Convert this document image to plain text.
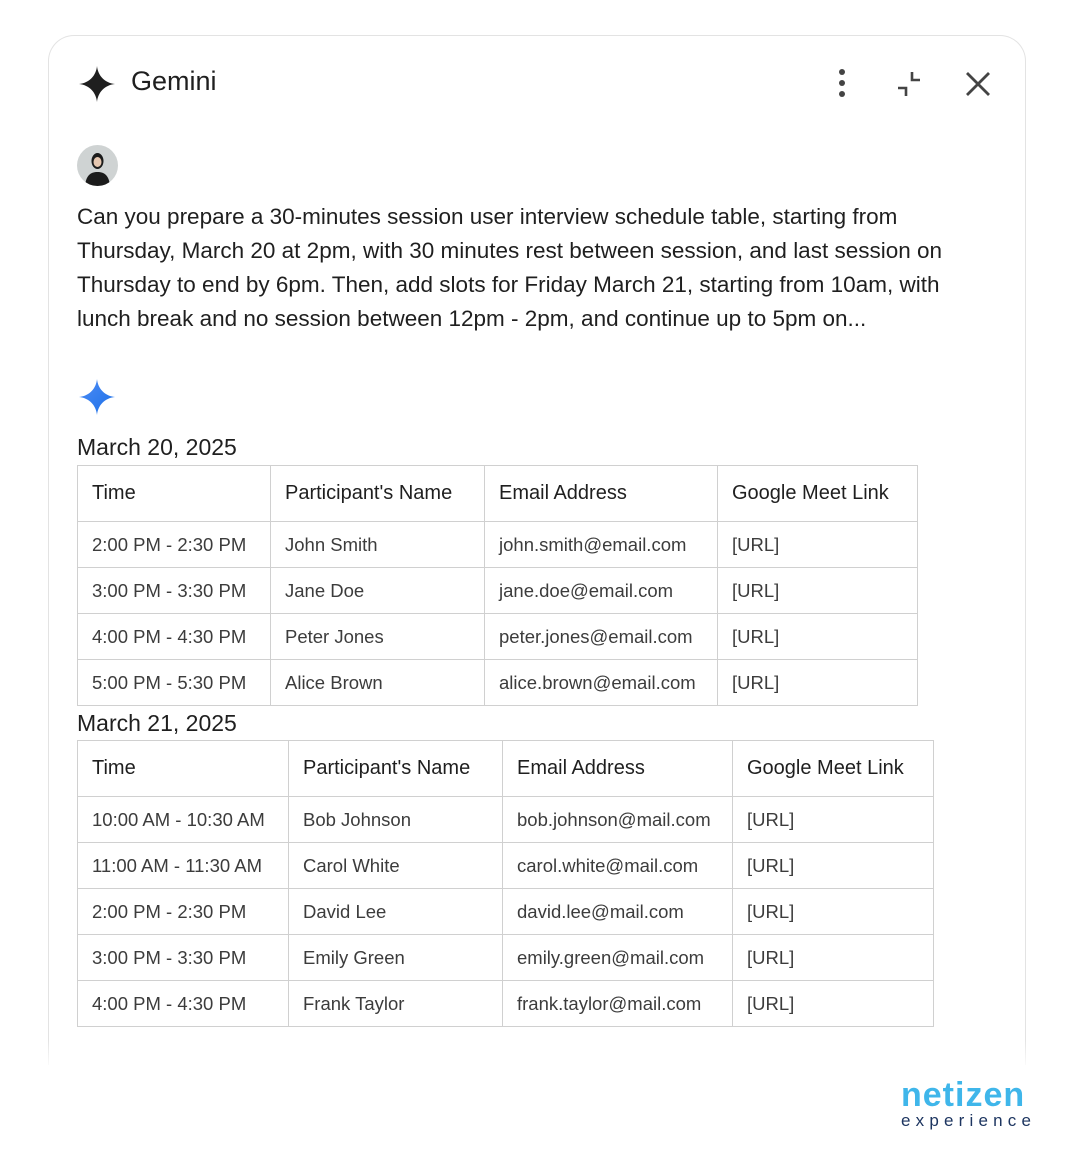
Gemini
Can you prepare a 30-minutes session user interview schedule table, starting from Thursday, March 20 at 2pm, with 30 minutes rest between session, and last session on Thursday to end by 6pm. Then, add slots for Friday March 21, starting from 10am, with lunch break and no session between 12pm - 2pm, and continue up to 5pm on...
March 20, 2025
Time	Participant's Name	Email Address	Google Meet Link
2:00 PM - 2:30 PM	John Smith	john.smith@email.com	[URL]
3:00 PM - 3:30 PM	Jane Doe	jane.doe@email.com	[URL]
4:00 PM - 4:30 PM	Peter Jones	peter.jones@email.com	[URL]
5:00 PM - 5:30 PM	Alice Brown	alice.brown@email.com	[URL]
March 21, 2025
Time	Participant's Name	Email Address	Google Meet Link
10:00 AM - 10:30 AM	Bob Johnson	bob.johnson@mail.com	[URL]
11:00 AM - 11:30 AM	Carol White	carol.white@mail.com	[URL]
2:00 PM - 2:30 PM	David Lee	david.lee@mail.com	[URL]
3:00 PM - 3:30 PM	Emily Green	emily.green@mail.com	[URL]
4:00 PM - 4:30 PM	Frank Taylor	frank.taylor@mail.com	[URL]
netizen
experience
